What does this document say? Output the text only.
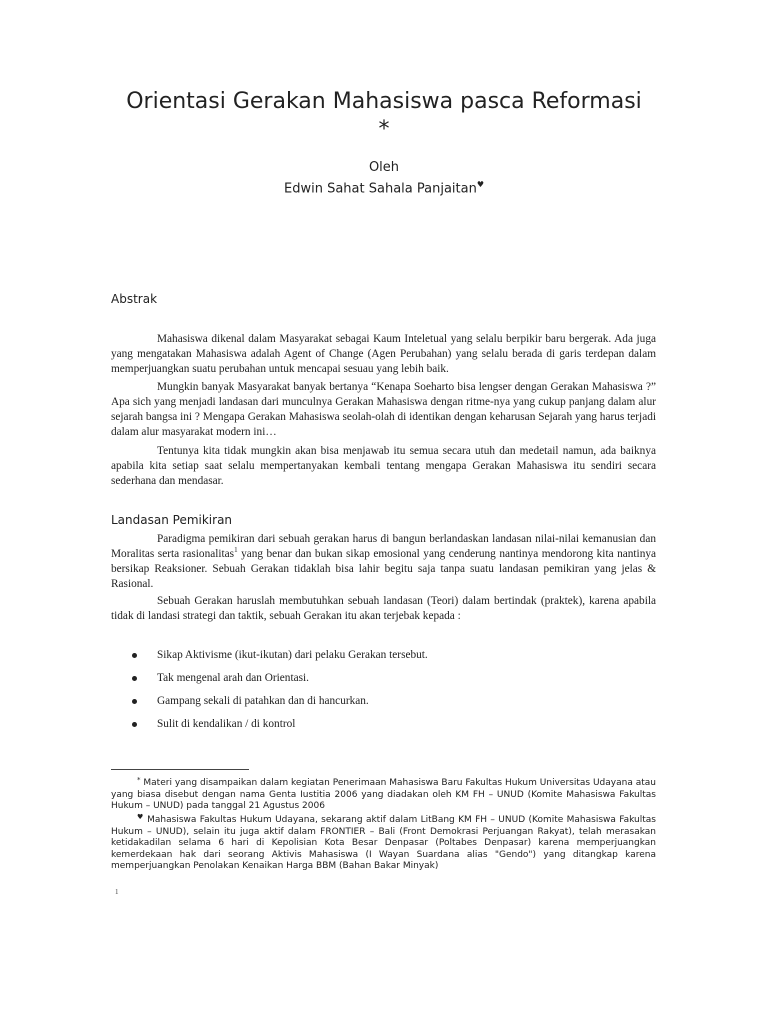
Orientasi Gerakan Mahasiswa pasca Reformasi
*
Oleh
Edwin Sahat Sahala Panjaitan♥
Abstrak

Mahasiswa dikenal dalam Masyarakat sebagai Kaum Inteletual yang selalu berpikir baru bergerak. Ada juga yang mengatakan Mahasiswa adalah Agent of Change (Agen Perubahan) yang selalu berada di garis terdepan dalam memperjuangkan suatu perubahan untuk mencapai sesuau yang lebih baik.

Mungkin banyak Masyarakat banyak bertanya “Kenapa Soeharto bisa lengser dengan Gerakan Mahasiswa ?” Apa sich yang menjadi landasan dari munculnya Gerakan Mahasiswa dengan ritme-nya yang cukup panjang dalam alur sejarah bangsa ini ? Mengapa Gerakan Mahasiswa seolah-olah di identikan dengan keharusan Sejarah yang harus terjadi dalam alur masyarakat modern ini…

Tentunya kita tidak mungkin akan bisa menjawab itu semua secara utuh dan medetail namun, ada baiknya apabila kita setiap saat selalu mempertanyakan kembali tentang mengapa Gerakan Mahasiswa itu sendiri secara sederhana dan mendasar.

Landasan Pemikiran

Paradigma pemikiran dari sebuah gerakan harus di bangun berlandaskan landasan nilai-nilai kemanusian dan Moralitas serta rasionalitas$^1$ yang benar dan bukan sikap emosional yang cenderung nantinya mendorong kita nantinya bersikap Reaksioner. Sebuah Gerakan tidaklah bisa lahir begitu saja tanpa suatu landasan pemikiran yang jelas & Rasional.

Sebuah Gerakan haruslah membutuhkan sebuah landasan (Teori) dalam bertindak (praktek), karena apabila tidak di landasi strategi dan taktik, sebuah Gerakan itu akan terjebak kepada :

Sikap Aktivisme (ikut-ikutan) dari pelaku Gerakan tersebut.
Tak mengenal arah dan Orientasi.
Gampang sekali di patahkan dan di hancurkan.
Sulit di kendalikan / di kontrol

* Materi yang disampaikan dalam kegiatan Penerimaan Mahasiswa Baru Fakultas Hukum Universitas Udayana atau yang biasa disebut dengan nama Genta Iustitia 2006 yang diadakan oleh KM FH – UNUD (Komite Mahasiswa Fakultas Hukum – UNUD) pada tanggal 21 Agustus 2006

♥ Mahasiswa Fakultas Hukum Udayana, sekarang aktif dalam LitBang KM FH – UNUD (Komite Mahasiswa Fakultas Hukum – UNUD), selain itu juga aktif dalam FRONTIER – Bali (Front Demokrasi Perjuangan Rakyat), telah merasakan ketidakadilan selama 6 hari di Kepolisian Kota Besar Denpasar (Poltabes Denpasar) karena memperjuangkan kemerdekaan hak dari seorang Aktivis Mahasiswa (I Wayan Suardana alias "Gendo") yang ditangkap karena memperjuangkan Penolakan Kenaikan Harga BBM (Bahan Bakar Minyak)

1
